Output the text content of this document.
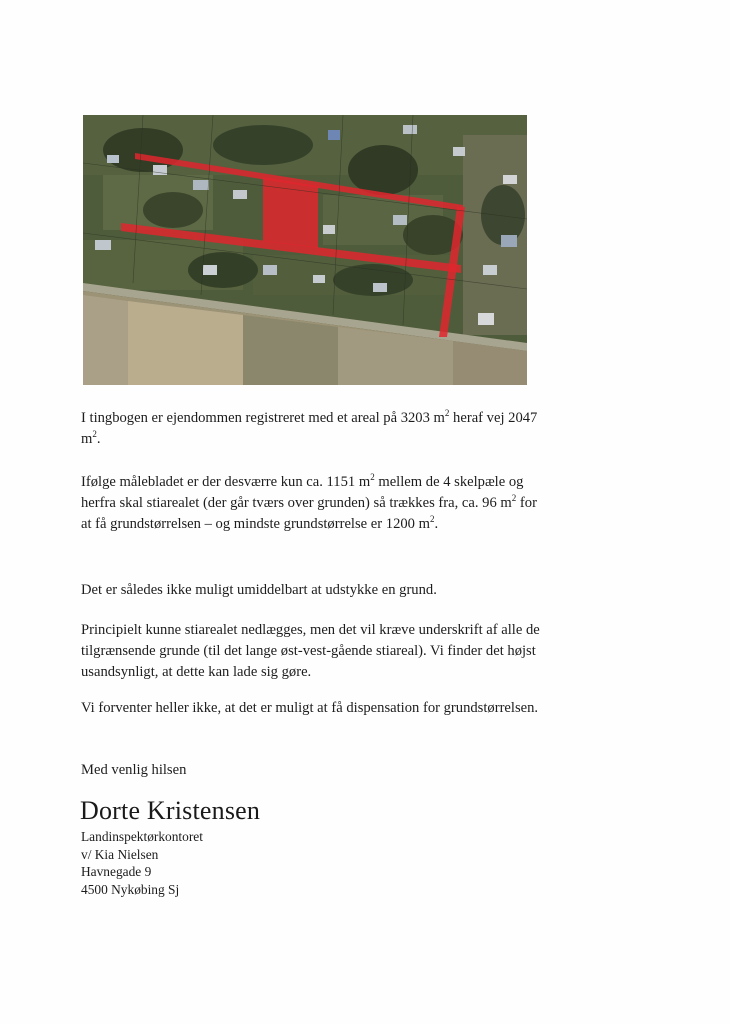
I tingbogen er ejendommen registreret med et areal på 3203 $m^2$ heraf vej 2047 $m^2$.

Ifølge målebladet er der desværre kun ca. 1151 $m^2$ mellem de 4 skelpæle og herfra skal stiarealet (der går tværs over grunden) så trækkes fra, ca. 96 $m^2$ for at få grundstørrelsen – og mindste grundstørrelse er 1200 $m^2$.

Det er således ikke muligt umiddelbart at udstykke en grund.

Principielt kunne stiarealet nedlægges, men det vil kræve underskrift af alle de tilgrænsende grunde (til det lange øst-vest-gående stiareal). Vi finder det højst usandsynligt, at dette kan lade sig gøre.

Vi forventer heller ikke, at det er muligt at få dispensation for grundstørrelsen.

Med venlig hilsen

Dorte Kristensen
Landinspektørkontoret
v/ Kia Nielsen
Havnegade 9
4500 Nykøbing Sj
